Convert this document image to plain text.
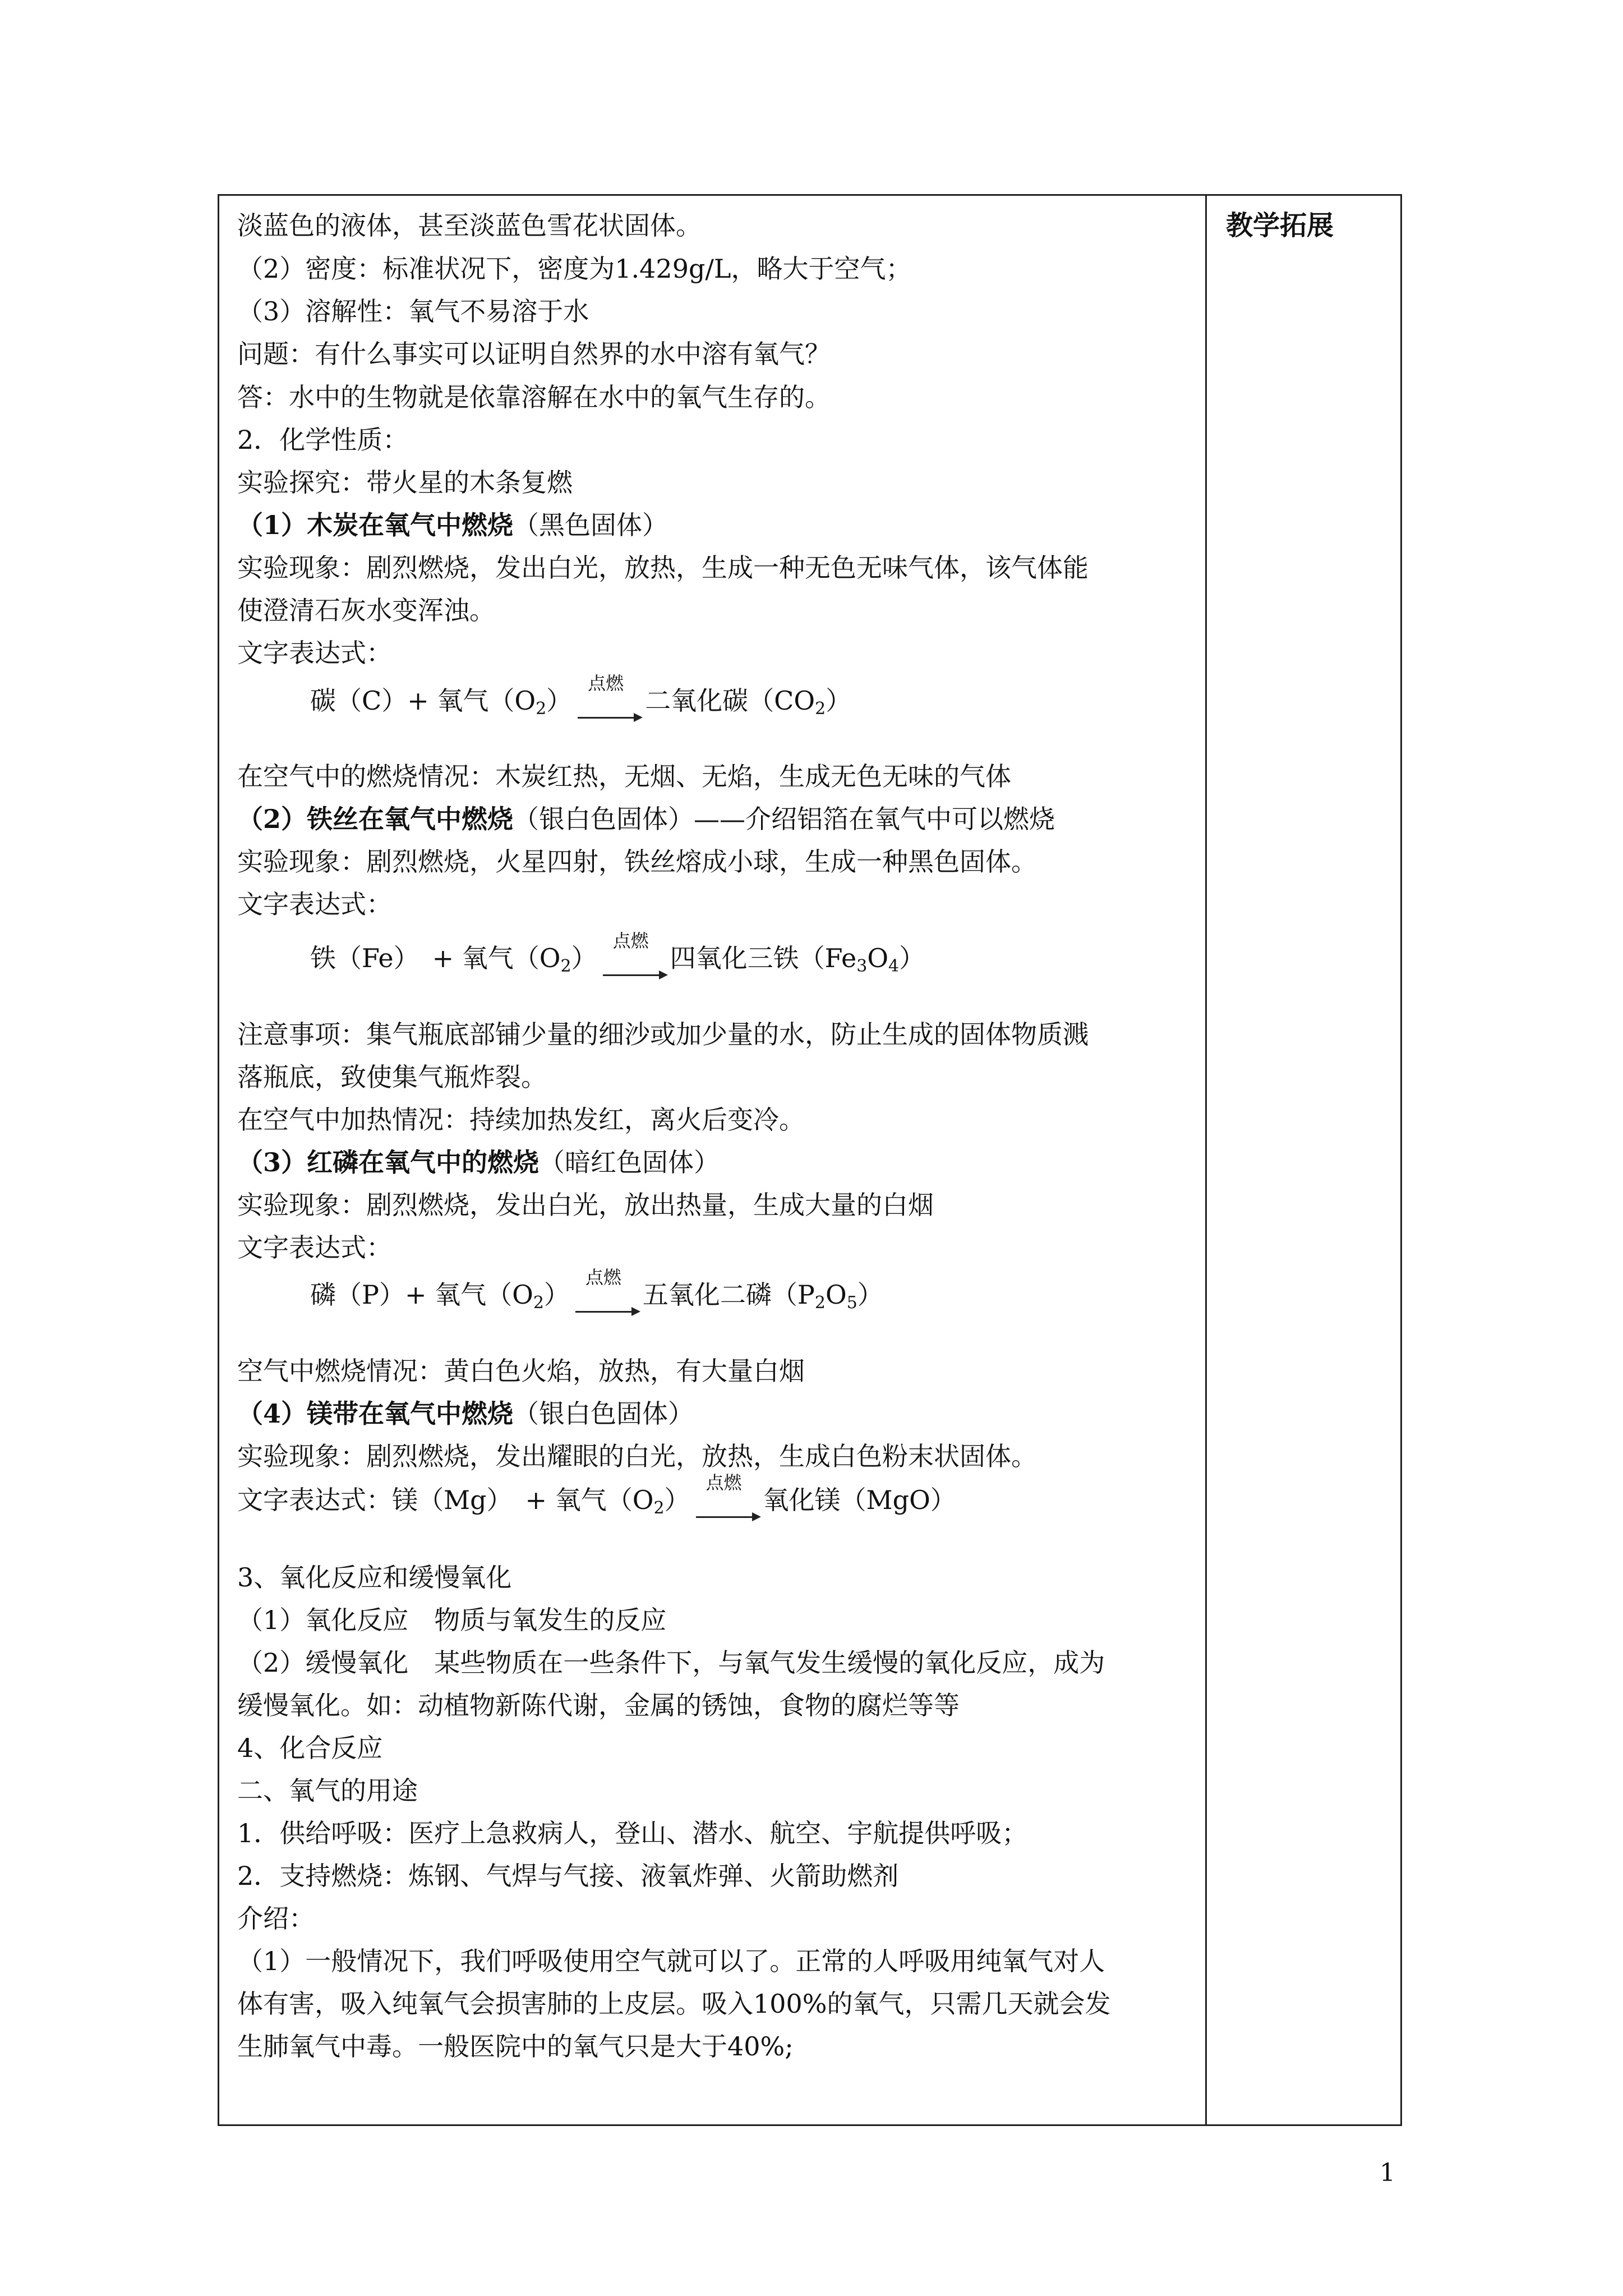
教学拓展
淡蓝色的液体，甚至淡蓝色雪花状固体。
（2）密度：标准状况下，密度为1.429g/L，略大于空气；
（3）溶解性：氧气不易溶于水
问题：有什么事实可以证明自然界的水中溶有氧气？
答：水中的生物就是依靠溶解在水中的氧气生存的。
2．化学性质：
实验探究：带火星的木条复燃
（1）木炭在氧气中燃烧（黑色固体）
实验现象：剧烈燃烧，发出白光，放热，生成一种无色无味气体，该气体能
使澄清石灰水变浑浊。
文字表达式：
碳（C）+ 氧气$(O_2)$
点燃
二氧化碳$(CO_2)$
在空气中的燃烧情况：木炭红热，无烟、无焰，生成无色无味的气体
（2）铁丝在氧气中燃烧（银白色固体）——介绍铝箔在氧气中可以燃烧
实验现象：剧烈燃烧，火星四射，铁丝熔成小球，生成一种黑色固体。
文字表达式：
铁（Fe）　+ 氧气$(O_2)$
点燃
四氧化三铁$(Fe_3O_4)$
注意事项：集气瓶底部铺少量的细沙或加少量的水，防止生成的固体物质溅
落瓶底，致使集气瓶炸裂。
在空气中加热情况：持续加热发红，离火后变冷。
（3）红磷在氧气中的燃烧（暗红色固体）
实验现象：剧烈燃烧，发出白光，放出热量，生成大量的白烟
文字表达式：
磷（P）+ 氧气$(O_2)$
点燃
五氧化二磷$(P_2O_5)$
空气中燃烧情况：黄白色火焰，放热，有大量白烟
（4）镁带在氧气中燃烧（银白色固体）
实验现象：剧烈燃烧，发出耀眼的白光，放热，生成白色粉末状固体。
文字表达式：镁（Mg）　+ 氧气$(O_2)$
点燃
氧化镁（MgO）
3、氧化反应和缓慢氧化
（1）氧化反应　物质与氧发生的反应
（2）缓慢氧化　某些物质在一些条件下，与氧气发生缓慢的氧化反应，成为
缓慢氧化。如：动植物新陈代谢，金属的锈蚀，食物的腐烂等等
4、化合反应
二、氧气的用途
1．供给呼吸：医疗上急救病人，登山、潜水、航空、宇航提供呼吸；
2．支持燃烧：炼钢、气焊与气接、液氧炸弹、火箭助燃剂
介绍：
（1）一般情况下，我们呼吸使用空气就可以了。正常的人呼吸用纯氧气对人
体有害，吸入纯氧气会损害肺的上皮层。吸入100%的氧气，只需几天就会发
生肺氧气中毒。一般医院中的氧气只是大于40%;
1
